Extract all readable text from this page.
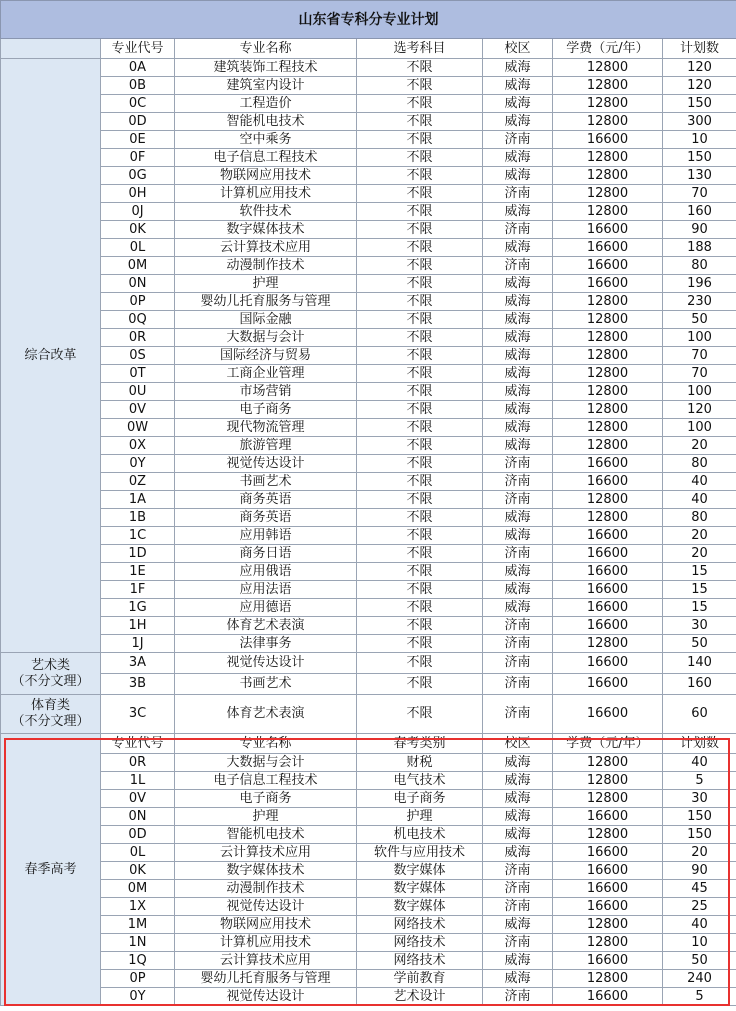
山东省专科分专业计划						
	专业代号	专业名称	选考科目	校区	学费（元/年）	计划数
综合改革	0A	建筑装饰工程技术	不限	威海	12800	120
	0B	建筑室内设计	不限	威海	12800	120
	0C	工程造价	不限	威海	12800	150
	0D	智能机电技术	不限	威海	12800	300
	0E	空中乘务	不限	济南	16600	10
	0F	电子信息工程技术	不限	威海	12800	150
	0G	物联网应用技术	不限	威海	12800	130
	0H	计算机应用技术	不限	济南	12800	70
	0J	软件技术	不限	威海	12800	160
	0K	数字媒体技术	不限	济南	16600	90
	0L	云计算技术应用	不限	威海	16600	188
	0M	动漫制作技术	不限	济南	16600	80
	0N	护理	不限	威海	16600	196
	0P	婴幼儿托育服务与管理	不限	威海	12800	230
	0Q	国际金融	不限	威海	12800	50
	0R	大数据与会计	不限	威海	12800	100
	0S	国际经济与贸易	不限	威海	12800	70
	0T	工商企业管理	不限	威海	12800	70
	0U	市场营销	不限	威海	12800	100
	0V	电子商务	不限	威海	12800	120
	0W	现代物流管理	不限	威海	12800	100
	0X	旅游管理	不限	威海	12800	20
	0Y	视觉传达设计	不限	济南	16600	80
	0Z	书画艺术	不限	济南	16600	40
	1A	商务英语	不限	济南	12800	40
	1B	商务英语	不限	威海	12800	80
	1C	应用韩语	不限	威海	16600	20
	1D	商务日语	不限	济南	16600	20
	1E	应用俄语	不限	威海	16600	15
	1F	应用法语	不限	威海	16600	15
	1G	应用德语	不限	威海	16600	15
	1H	体育艺术表演	不限	济南	16600	30
	1J	法律事务	不限	济南	12800	50
艺术类
（不分文理）	3A	视觉传达设计	不限	济南	16600	140
	3B	书画艺术	不限	济南	16600	160
体育类
（不分文理）	3C	体育艺术表演	不限	济南	16600	60
春季高考	专业代号	专业名称	春考类别	校区	学费（元/年）	计划数
	0R	大数据与会计	财税	威海	12800	40
	1L	电子信息工程技术	电气技术	威海	12800	5
	0V	电子商务	电子商务	威海	12800	30
	0N	护理	护理	威海	16600	150
	0D	智能机电技术	机电技术	威海	12800	150
	0L	云计算技术应用	软件与应用技术	威海	16600	20
	0K	数字媒体技术	数字媒体	济南	16600	90
	0M	动漫制作技术	数字媒体	济南	16600	45
	1X	视觉传达设计	数字媒体	济南	16600	25
	1M	物联网应用技术	网络技术	威海	12800	40
	1N	计算机应用技术	网络技术	济南	12800	10
	1Q	云计算技术应用	网络技术	威海	16600	50
	0P	婴幼儿托育服务与管理	学前教育	威海	12800	240
	0Y	视觉传达设计	艺术设计	济南	16600	5
